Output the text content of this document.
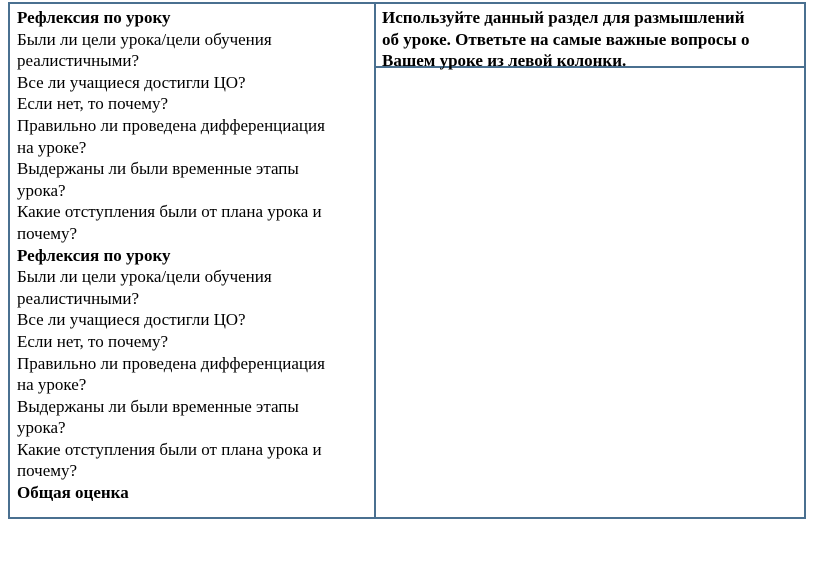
Рефлексия по уроку
Были ли цели урока/цели обучения
реалистичными?
Все ли учащиеся достигли ЦО?
Если нет, то почему?
Правильно ли проведена дифференциация
на уроке?
Выдержаны ли были временные этапы
урока?
Какие отступления были от плана урока и
почему?
Рефлексия по уроку
Были ли цели урока/цели обучения
реалистичными?
Все ли учащиеся достигли ЦО?
Если нет, то почему?
Правильно ли проведена дифференциация
на уроке?
Выдержаны ли были временные этапы
урока?
Какие отступления были от плана урока и
почему?
Общая оценка
Используйте данный раздел для размышлений
об уроке. Ответьте на самые важные вопросы о
Вашем уроке из левой колонки.
